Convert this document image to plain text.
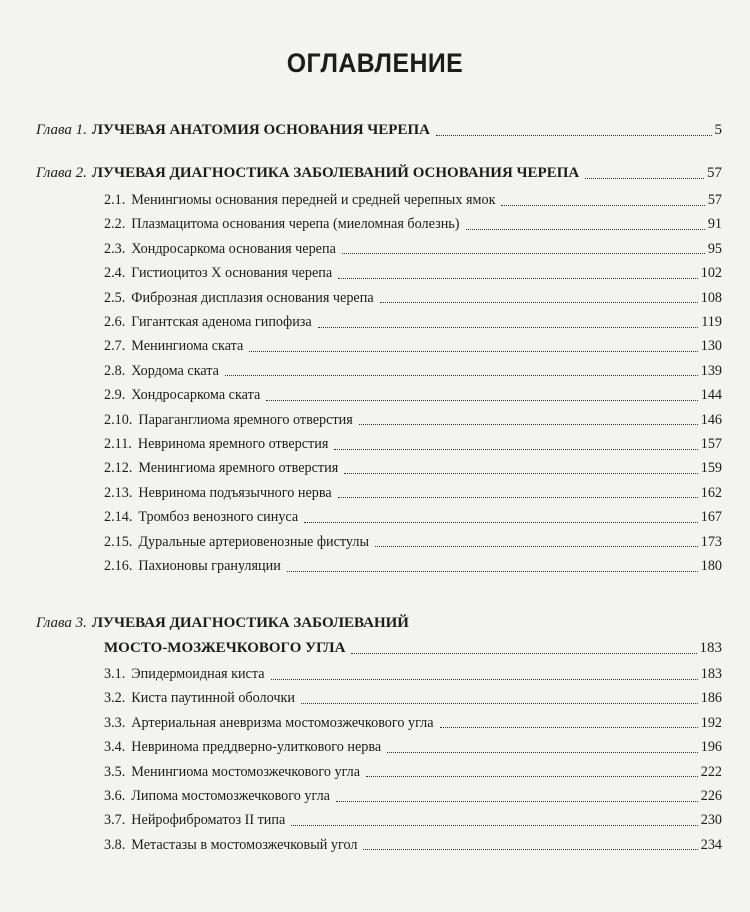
ОГЛАВЛЕНИЕ
Глава 1. ЛУЧЕВАЯ АНАТОМИЯ ОСНОВАНИЯ ЧЕРЕПА	5
Глава 2. ЛУЧЕВАЯ ДИАГНОСТИКА ЗАБОЛЕВАНИЙ ОСНОВАНИЯ ЧЕРЕПА	57
2.1. Менингиомы основания передней и средней черепных ямок	57
2.2. Плазмацитома основания черепа (миеломная болезнь)	91
2.3. Хондросаркома основания черепа	95
2.4. Гистиоцитоз X основания черепа	102
2.5. Фиброзная дисплазия основания черепа	108
2.6. Гигантская аденома гипофиза	119
2.7. Менингиома ската	130
2.8. Хордома ската	139
2.9. Хондросаркома ската	144
2.10. Параганглиома яремного отверстия	146
2.11. Невринома яремного отверстия	157
2.12. Менингиома яремного отверстия	159
2.13. Невринома подъязычного нерва	162
2.14. Тромбоз венозного синуса	167
2.15. Дуральные артериовенозные фистулы	173
2.16. Пахионовы грануляции	180
Глава 3. ЛУЧЕВАЯ ДИАГНОСТИКА ЗАБОЛЕВАНИЙ
МОСТО-МОЗЖЕЧКОВОГО УГЛА	183
3.1. Эпидермоидная киста	183
3.2. Киста паутинной оболочки	186
3.3. Артериальная аневризма мостомозжечкового угла	192
3.4. Невринома преддверно-улиткового нерва	196
3.5. Менингиома мостомозжечкового угла	222
3.6. Липома мостомозжечкового угла	226
3.7. Нейрофиброматоз II типа	230
3.8. Метастазы в мостомозжечковый угол	234
